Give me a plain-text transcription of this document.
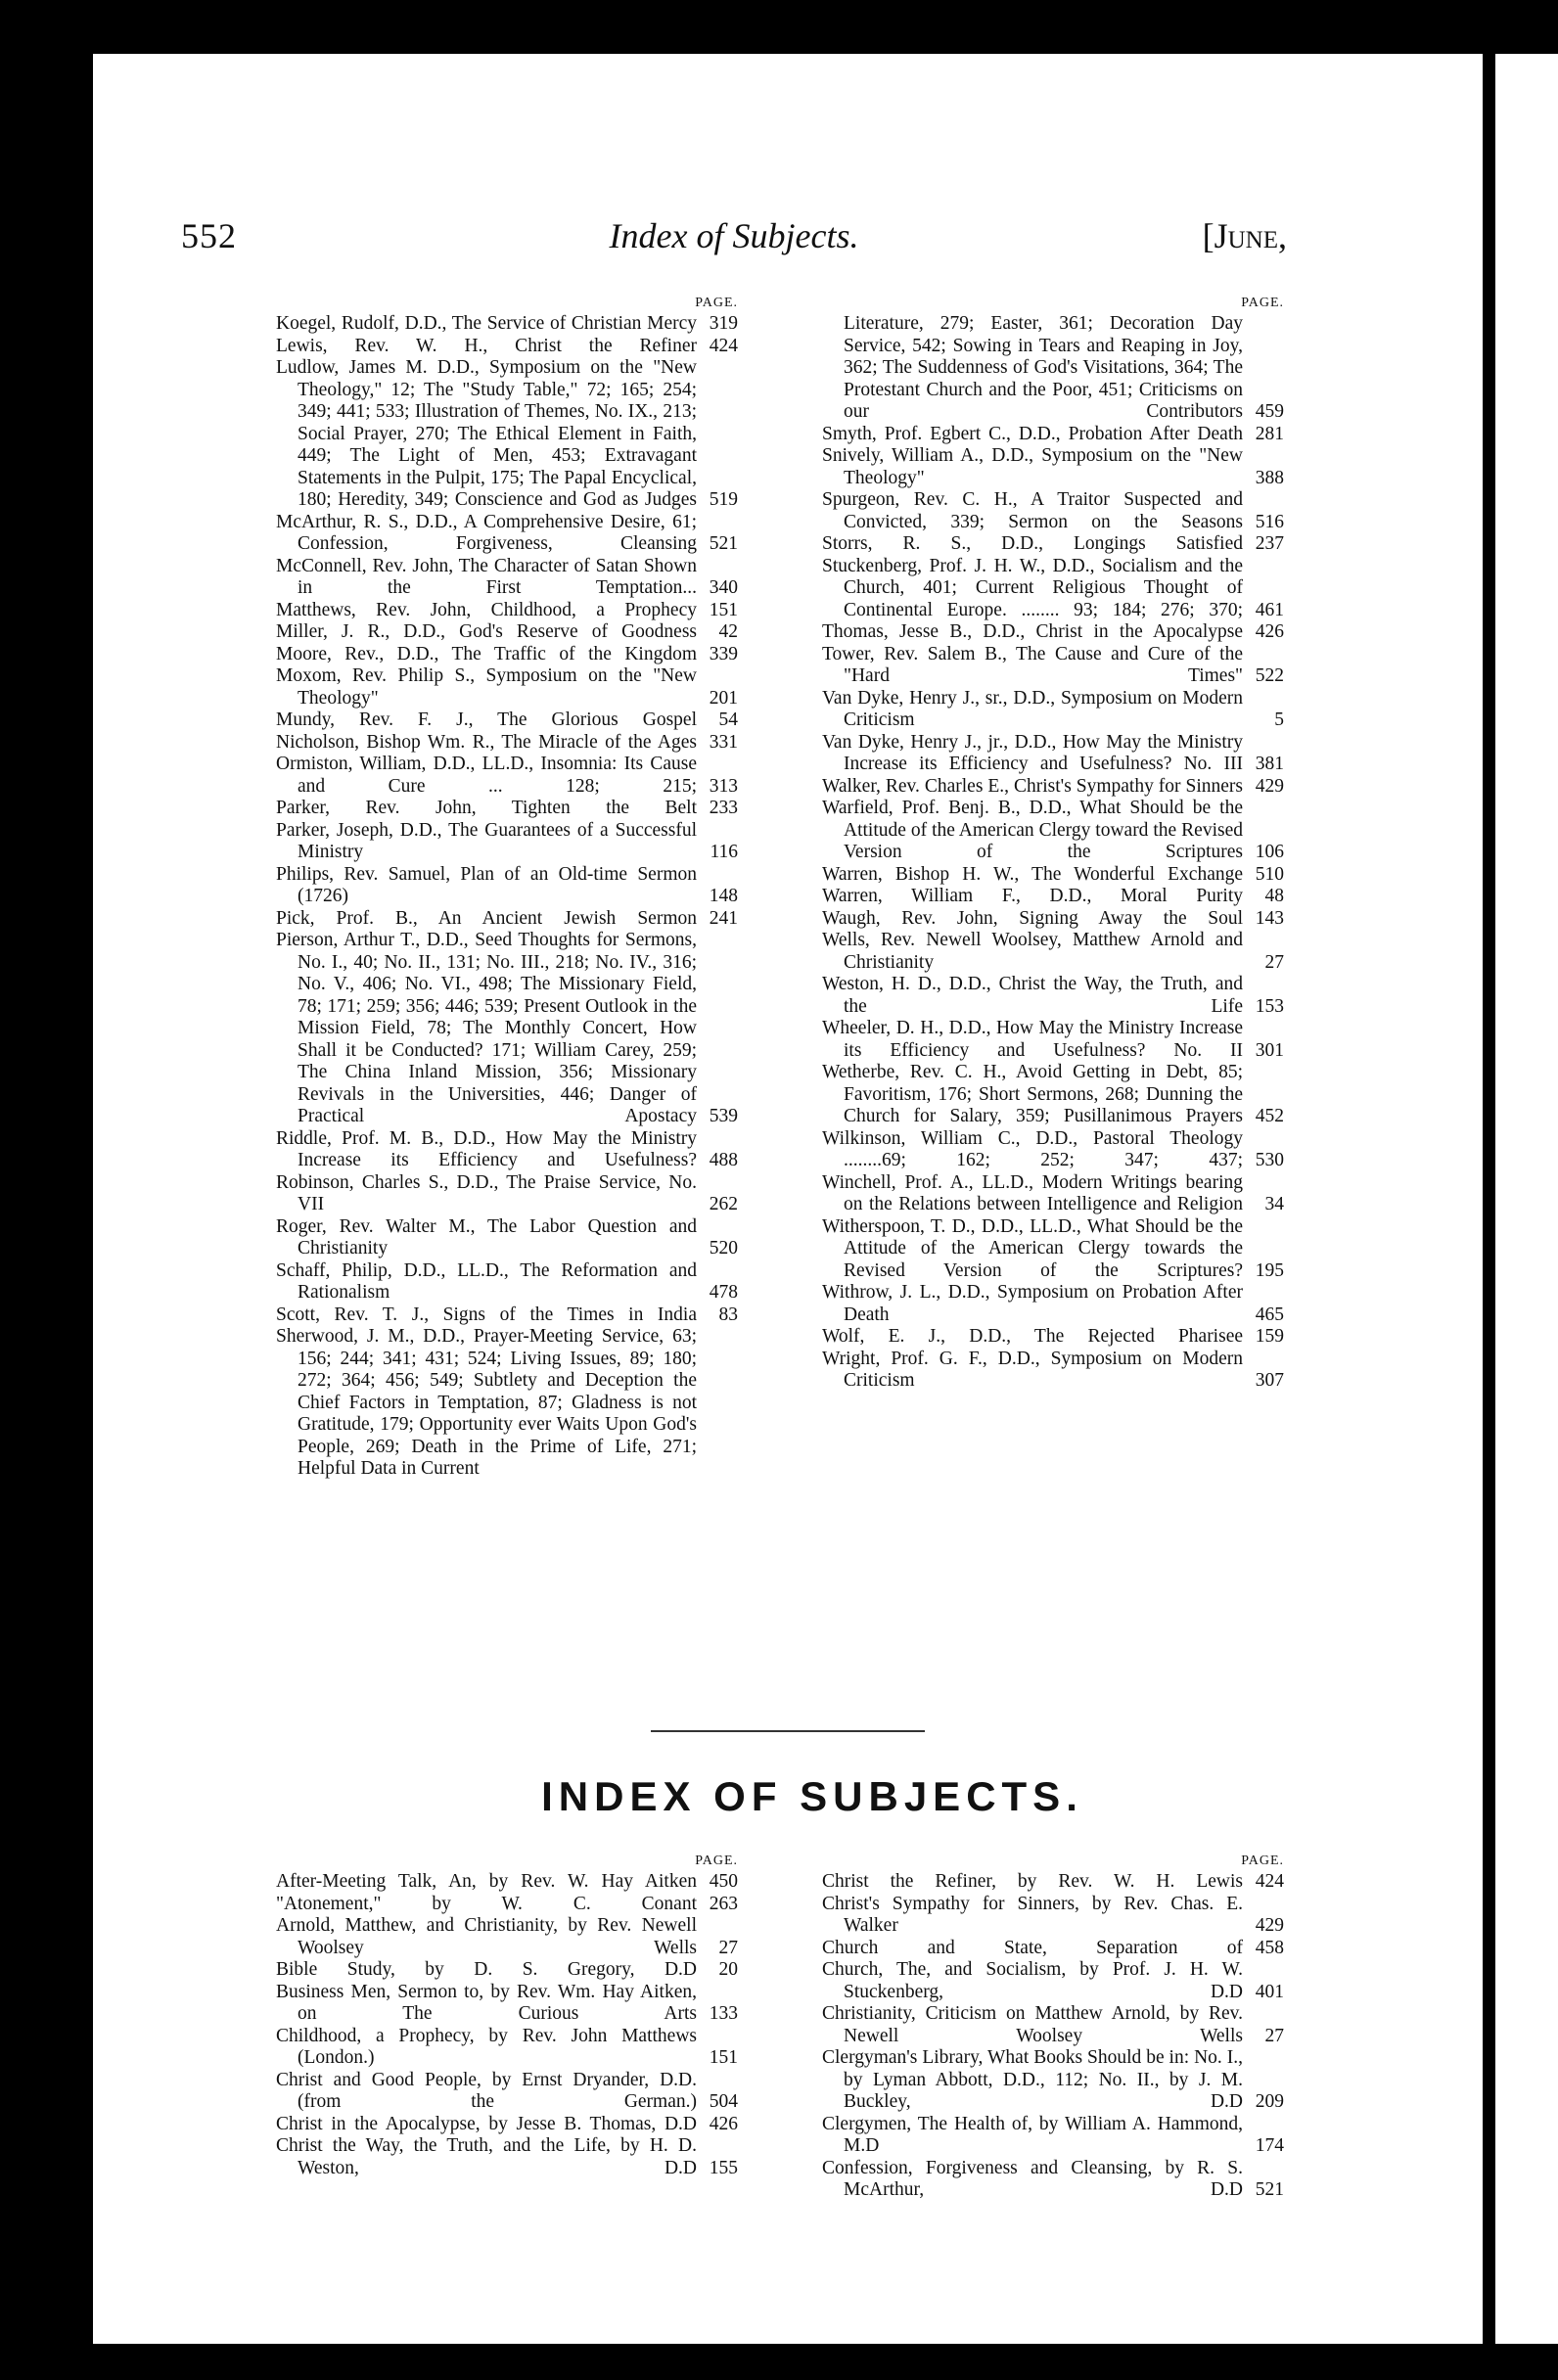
552	Index of Subjects.	[June,
PAGE.
Koegel, Rudolf, D.D., The Service of Christian Mercy 319
Lewis, Rev. W. H., Christ the Refiner 424
Ludlow, James M. D.D., Symposium on the "New Theology," 12; The "Study Table," 72; 165; 254; 349; 441; 533; Illustration of Themes, No. IX., 213; Social Prayer, 270; The Ethical Element in Faith, 449; The Light of Men, 453; Extravagant Statements in the Pulpit, 175; The Papal Encyclical, 180; Heredity, 349; Conscience and God as Judges 519
McArthur, R. S., D.D., A Comprehensive Desire, 61; Confession, Forgiveness, Cleansing 521
McConnell, Rev. John, The Character of Satan Shown in the First Temptation... 340
Matthews, Rev. John, Childhood, a Prophecy 151
Miller, J. R., D.D., God's Reserve of Goodness	42
Moore, Rev., D.D., The Traffic of the Kingdom 339
Moxom, Rev. Philip S., Symposium on the "New Theology"	201
Mundy, Rev. F. J., The Glorious Gospel	54
Nicholson, Bishop Wm. R., The Miracle of the Ages 331
Ormiston, William, D.D., LL.D., Insomnia: Its Cause and Cure ... 128; 215; 313
Parker, Rev. John, Tighten the Belt 233
Parker, Joseph, D.D., The Guarantees of a Successful Ministry	116
Philips, Rev. Samuel, Plan of an Old-time Sermon (1726)	148
Pick, Prof. B., An Ancient Jewish Sermon 241
Pierson, Arthur T., D.D., Seed Thoughts for Sermons, No. I., 40; No. II., 131; No. III., 218; No. IV., 316; No. V., 406; No. VI., 498; The Missionary Field, 78; 171; 259; 356; 446; 539; Present Outlook in the Mission Field, 78; The Monthly Concert, How Shall it be Conducted? 171; William Carey, 259; The China Inland Mission, 356; Missionary Revivals in the Universities, 446; Danger of Practical Apostacy 539
Riddle, Prof. M. B., D.D., How May the Ministry Increase its Efficiency and Usefulness? 488
Robinson, Charles S., D.D., The Praise Service, No. VII	262
Roger, Rev. Walter M., The Labor Question and Christianity	520
Schaff, Philip, D.D., LL.D., The Reformation and Rationalism	478
Scott, Rev. T. J., Signs of the Times in India	83
Sherwood, J. M., D.D., Prayer-Meeting Service, 63; 156; 244; 341; 431; 524; Living Issues, 89; 180; 272; 364; 456; 549; Subtlety and Deception the Chief Factors in Temptation, 87; Gladness is not Gratitude, 179; Opportunity ever Waits Upon God's People, 269; Death in the Prime of Life, 271; Helpful Data in Current
PAGE.
Literature, 279; Easter, 361; Decoration Day Service, 542; Sowing in Tears and Reaping in Joy, 362; The Suddenness of God's Visitations, 364; The Protestant Church and the Poor, 451; Criticisms on our Contributors 459
Smyth, Prof. Egbert C., D.D., Probation After Death 281
Snively, William A., D.D., Symposium on the "New Theology"	388
Spurgeon, Rev. C. H., A Traitor Suspected and Convicted, 339; Sermon on the Seasons 516
Storrs, R. S., D.D., Longings Satisfied 237
Stuckenberg, Prof. J. H. W., D.D., Socialism and the Church, 401; Current Religious Thought of Continental Europe. ........ 93; 184; 276; 370; 461
Thomas, Jesse B., D.D., Christ in the Apocalypse 426
Tower, Rev. Salem B., The Cause and Cure of the "Hard Times" 522
Van Dyke, Henry J., sr., D.D., Symposium on Modern Criticism	5
Van Dyke, Henry J., jr., D.D., How May the Ministry Increase its Efficiency and Usefulness? No. III 381
Walker, Rev. Charles E., Christ's Sympathy for Sinners 429
Warfield, Prof. Benj. B., D.D., What Should be the Attitude of the American Clergy toward the Revised Version of the Scriptures 106
Warren, Bishop H. W., The Wonderful Exchange 510
Warren, William F., D.D., Moral Purity	48
Waugh, Rev. John, Signing Away the Soul 143
Wells, Rev. Newell Woolsey, Matthew Arnold and Christianity	27
Weston, H. D., D.D., Christ the Way, the Truth, and the Life 153
Wheeler, D. H., D.D., How May the Ministry Increase its Efficiency and Usefulness? No. II 301
Wetherbe, Rev. C. H., Avoid Getting in Debt, 85; Favoritism, 176; Short Sermons, 268; Dunning the Church for Salary, 359; Pusillanimous Prayers 452
Wilkinson, William C., D.D., Pastoral Theology ........69; 162; 252; 347; 437; 530
Winchell, Prof. A., LL.D., Modern Writings bearing on the Relations between Intelligence and Religion	34
Witherspoon, T. D., D.D., LL.D., What Should be the Attitude of the American Clergy towards the Revised Version of the Scriptures? 195
Withrow, J. L., D.D., Symposium on Probation After Death	465
Wolf, E. J., D.D., The Rejected Pharisee 159
Wright, Prof. G. F., D.D., Symposium on Modern Criticism	307
INDEX OF SUBJECTS.
PAGE.
After-Meeting Talk, An, by Rev. W. Hay Aitken 450
"Atonement," by W. C. Conant 263
Arnold, Matthew, and Christianity, by Rev. Newell Woolsey Wells	27
Bible Study, by D. S. Gregory, D.D	20
Business Men, Sermon to, by Rev. Wm. Hay Aitken, on The Curious Arts 133
Childhood, a Prophecy, by Rev. John Matthews (London.)	151
Christ and Good People, by Ernst Dryander, D.D. (from the German.) 504
Christ in the Apocalypse, by Jesse B. Thomas, D.D 426
Christ the Way, the Truth, and the Life, by H. D. Weston, D.D 155
PAGE.
Christ the Refiner, by Rev. W. H. Lewis 424
Christ's Sympathy for Sinners, by Rev. Chas. E. Walker	429
Church and State, Separation of 458
Church, The, and Socialism, by Prof. J. H. W. Stuckenberg, D.D 401
Christianity, Criticism on Matthew Arnold, by Rev. Newell Woolsey Wells	27
Clergyman's Library, What Books Should be in: No. I., by Lyman Abbott, D.D., 112; No. II., by J. M. Buckley, D.D 209
Clergymen, The Health of, by William A. Hammond, M.D	174
Confession, Forgiveness and Cleansing, by R. S. McArthur, D.D 521
